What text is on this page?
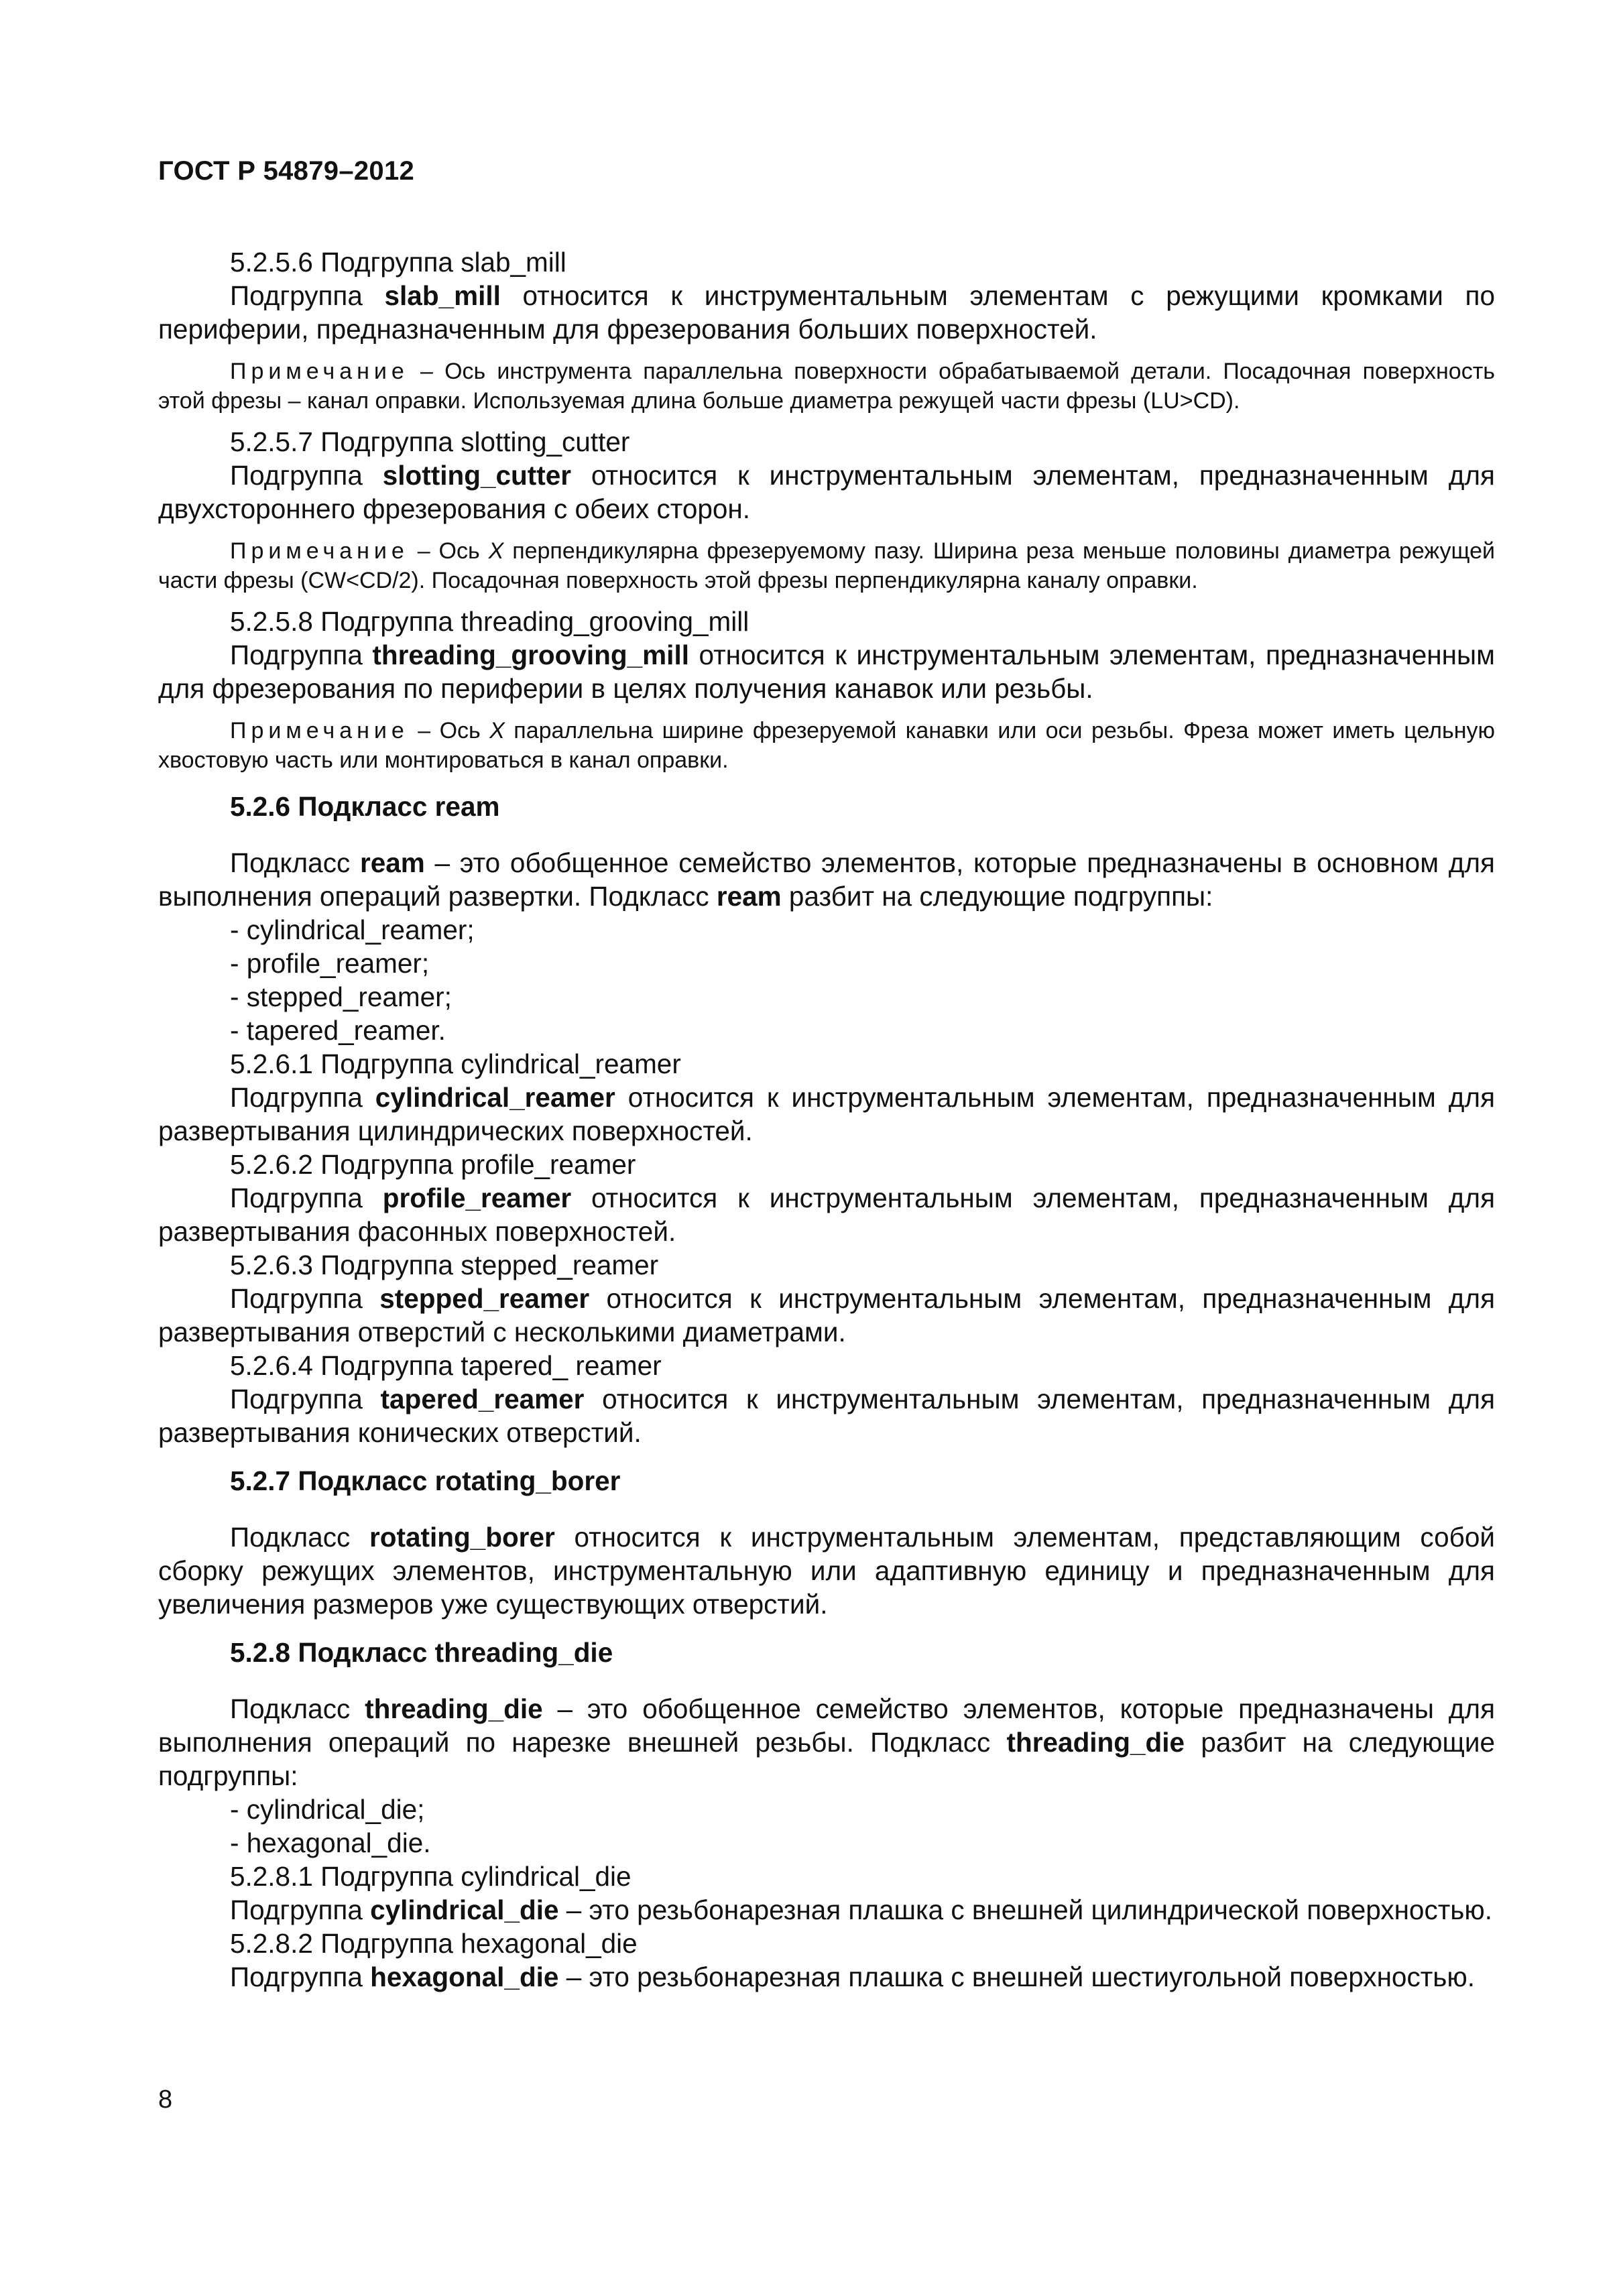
ГОСТ Р 54879–2012
5.2.5.6 Подгруппа slab_mill

Подгруппа slab_mill относится к инструментальным элементам с режущими кромками по периферии, предназначенным для фрезерования больших поверхностей.

Примечание – Ось инструмента параллельна поверхности обрабатываемой детали. Посадочная поверхность этой фрезы – канал оправки. Используемая длина больше диаметра режущей части фрезы (LU>CD).

5.2.5.7 Подгруппа slotting_cutter

Подгруппа slotting_cutter относится к инструментальным элементам, предназначенным для двухстороннего фрезерования с обеих сторон.

Примечание – Ось X перпендикулярна фрезеруемому пазу. Ширина реза меньше половины диаметра режущей части фрезы (CW<CD/2). Посадочная поверхность этой фрезы перпендикулярна каналу оправки.

5.2.5.8 Подгруппа threading_grooving_mill

Подгруппа threading_grooving_mill относится к инструментальным элементам, предназначенным для фрезерования по периферии в целях получения канавок или резьбы.

Примечание – Ось X параллельна ширине фрезеруемой канавки или оси резьбы. Фреза может иметь цельную хвостовую часть или монтироваться в канал оправки.

5.2.6 Подкласс ream

Подкласс ream – это обобщенное семейство элементов, которые предназначены в основном для выполнения операций развертки. Подкласс ream разбит на следующие подгруппы:

- cylindrical_reamer;
- profile_reamer;
- stepped_reamer;
- tapered_reamer.
5.2.6.1 Подгруппа cylindrical_reamer

Подгруппа cylindrical_reamer относится к инструментальным элементам, предназначенным для развертывания цилиндрических поверхностей.

5.2.6.2 Подгруппа profile_reamer

Подгруппа profile_reamer относится к инструментальным элементам, предназначенным для развертывания фасонных поверхностей.

5.2.6.3 Подгруппа stepped_reamer

Подгруппа stepped_reamer относится к инструментальным элементам, предназначенным для развертывания отверстий с несколькими диаметрами.

5.2.6.4 Подгруппа tapered_ reamer

Подгруппа tapered_reamer относится к инструментальным элементам, предназначенным для развертывания конических отверстий.

5.2.7 Подкласс rotating_borer

Подкласс rotating_borer относится к инструментальным элементам, представляющим собой сборку режущих элементов, инструментальную или адаптивную единицу и предназначенным для увеличения размеров уже существующих отверстий.

5.2.8 Подкласс threading_die

Подкласс threading_die – это обобщенное семейство элементов, которые предназначены для выполнения операций по нарезке внешней резьбы. Подкласс threading_die разбит на следующие подгруппы:

- cylindrical_die;
- hexagonal_die.
5.2.8.1 Подгруппа cylindrical_die

Подгруппа cylindrical_die – это резьбонарезная плашка с внешней цилиндрической поверхностью.

5.2.8.2 Подгруппа hexagonal_die

Подгруппа hexagonal_die – это резьбонарезная плашка с внешней шестиугольной поверхностью.

8
